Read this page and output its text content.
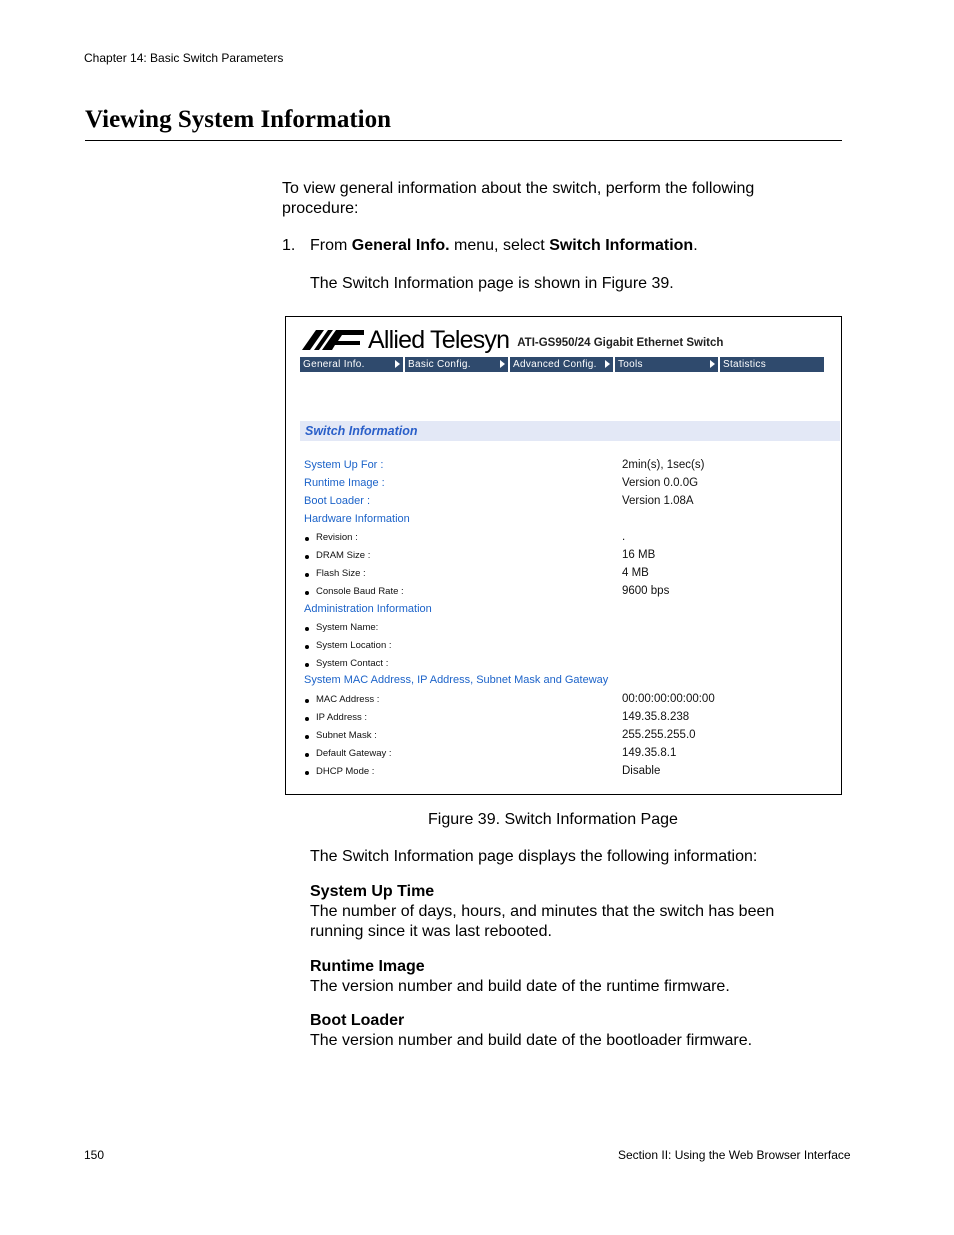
Chapter 14: Basic Switch Parameters
Viewing System Information
To view general information about the switch, perform the following procedure:
1. From General Info. menu, select Switch Information.
The Switch Information page is shown in Figure 39.
Allied Telesyn ATI-GS950/24 Gigabit Ethernet Switch
General Info.	Basic Config.	Advanced Config.	Tools	Statistics
Switch Information
System Up For :	2min(s), 1sec(s)
Runtime Image :	Version 0.0.0G
Boot Loader :	Version 1.08A
Hardware Information
Revision :	.
DRAM Size :	16 MB
Flash Size :	4 MB
Console Baud Rate :	9600 bps
Administration Information
System Name:
System Location :
System Contact :
System MAC Address, IP Address, Subnet Mask and Gateway
MAC Address :	00:00:00:00:00:00
IP Address :	149.35.8.238
Subnet Mask :	255.255.255.0
Default Gateway :	149.35.8.1
DHCP Mode :	Disable
Figure 39. Switch Information Page
The Switch Information page displays the following information:
System Up Time
The number of days, hours, and minutes that the switch has been running since it was last rebooted.
Runtime Image
The version number and build date of the runtime firmware.
Boot Loader
The version number and build date of the bootloader firmware.
150	Section II: Using the Web Browser Interface
